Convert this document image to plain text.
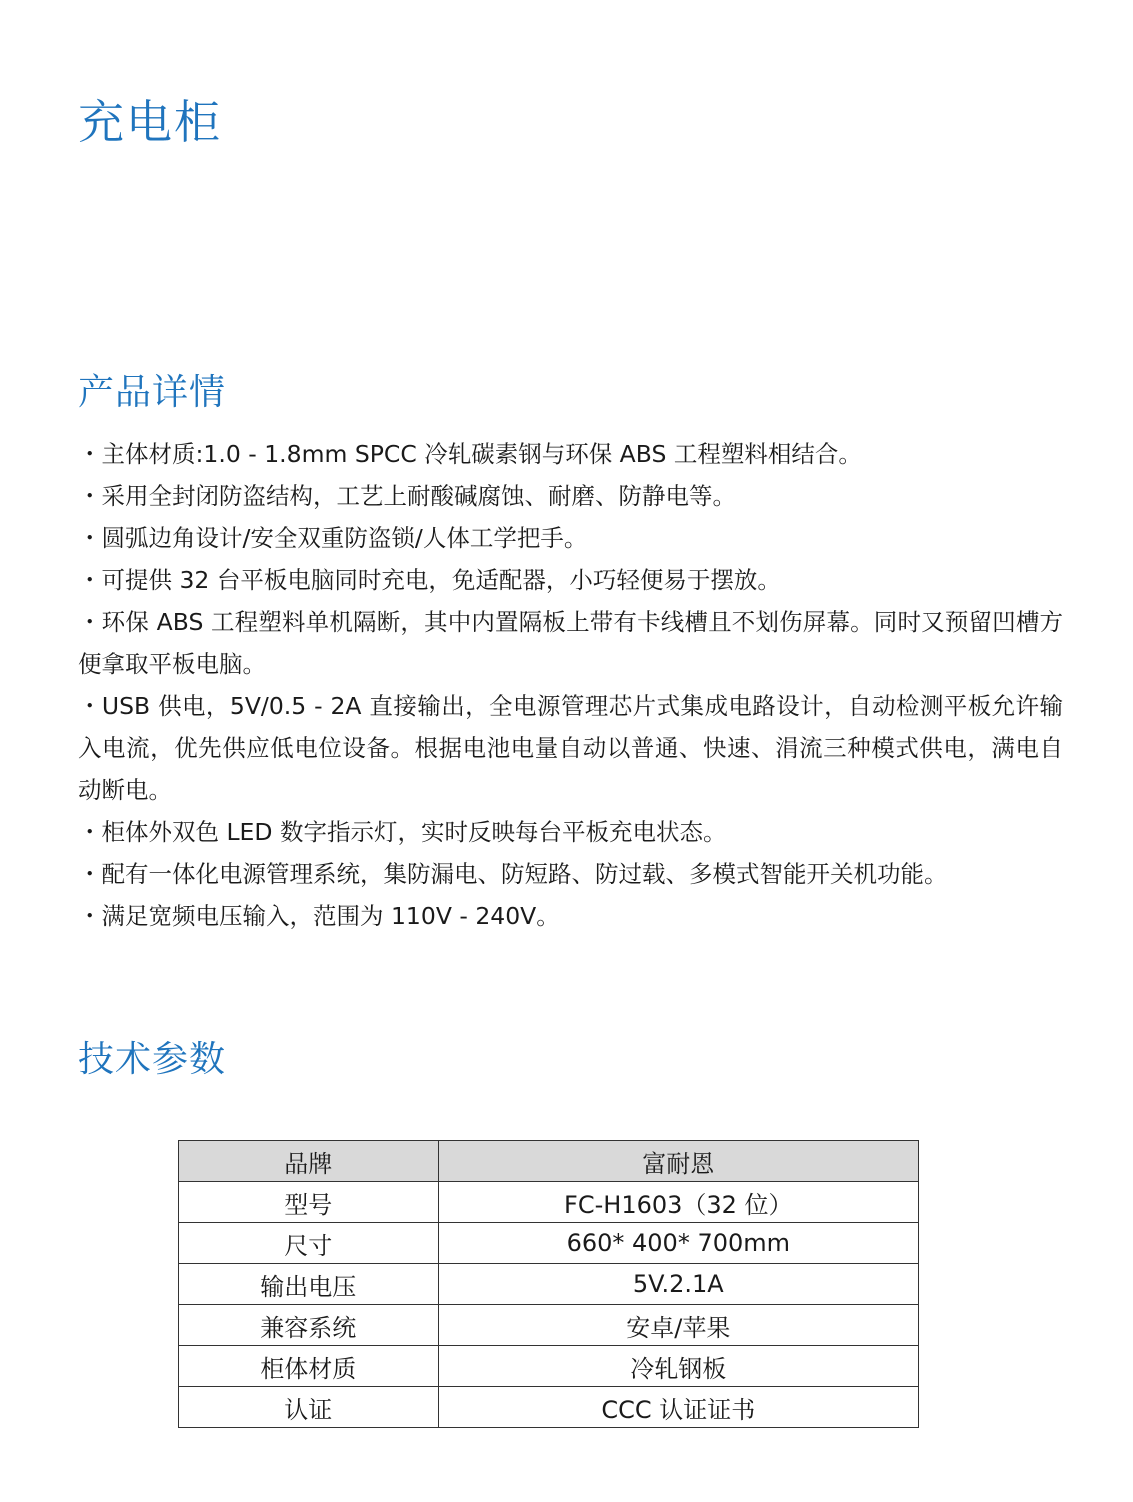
充电柜
产品详情
・主体材质:1.0 - 1.8mm SPCC 冷轧碳素钢与环保 ABS 工程塑料相结合。
・采用全封闭防盗结构，工艺上耐酸碱腐蚀、耐磨、防静电等。
・圆弧边角设计/安全双重防盗锁/人体工学把手。
・可提供 32 台平板电脑同时充电，免适配器，小巧轻便易于摆放。
・环保 ABS 工程塑料单机隔断，其中内置隔板上带有卡线槽且不划伤屏幕。同时又预留凹槽方便拿取平板电脑。
・USB 供电，5V/0.5 - 2A 直接输出，全电源管理芯片式集成电路设计，自动检测平板允许输入电流，优先供应低电位设备。根据电池电量自动以普通、快速、涓流三种模式供电，满电自动断电。
・柜体外双色 LED 数字指示灯，实时反映每台平板充电状态。
・配有一体化电源管理系统，集防漏电、防短路、防过载、多模式智能开关机功能。
・满足宽频电压输入，范围为 110V - 240V。
技术参数
品牌	富耐恩
型号	FC-H1603（32 位）
尺寸	660* 400* 700mm
输出电压	5V.2.1A
兼容系统	安卓/苹果
柜体材质	冷轧钢板
认证	CCC 认证证书
